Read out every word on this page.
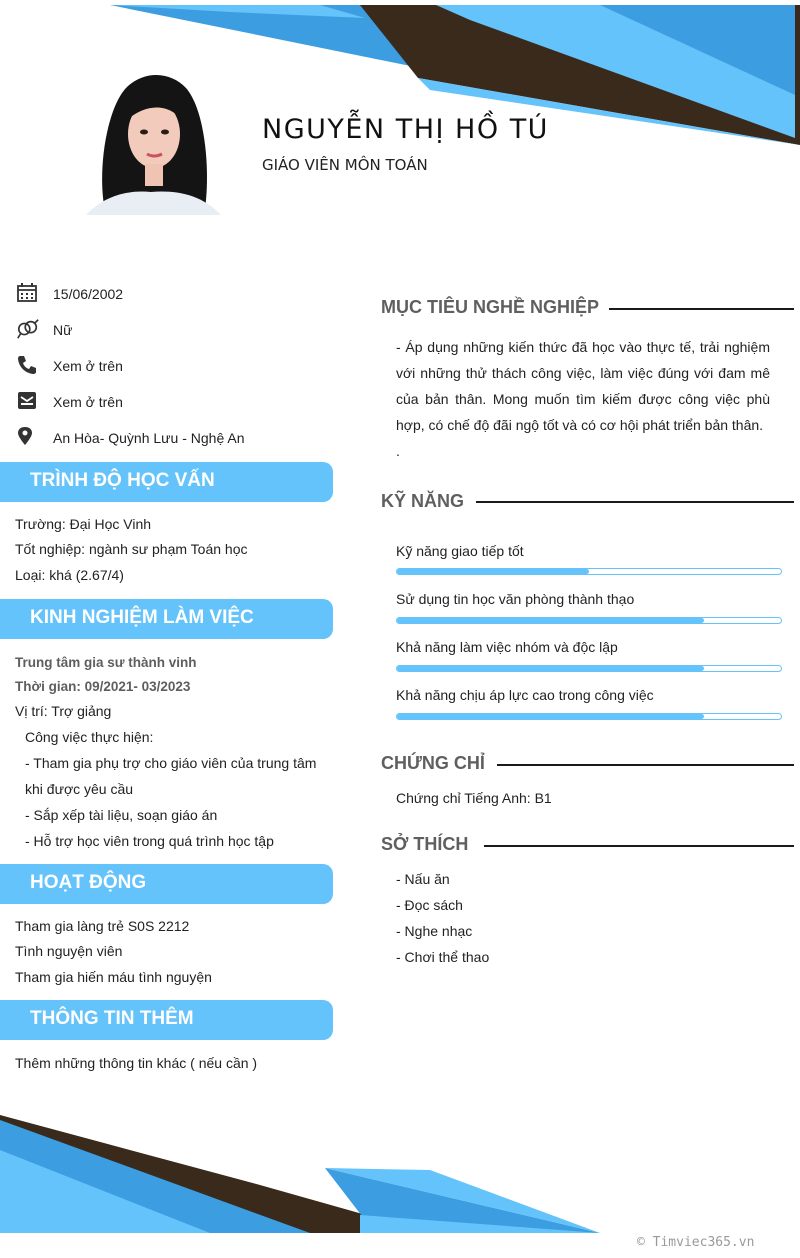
NGUYỄN THỊ HỒ TÚ
GIÁO VIÊN MÔN TOÁN
15/06/2002
Nữ
Xem ở trên
Xem ở trên
An Hòa- Quỳnh Lưu - Nghệ An
TRÌNH ĐỘ HỌC VẤN
Trường: Đại Học Vinh
Tốt nghiệp: ngành sư phạm Toán học
Loại: khá (2.67/4)
KINH NGHIỆM LÀM VIỆC
Trung tâm gia sư thành vinh
Thời gian: 09/2021- 03/2023
Vị trí: Trợ giảng
Công việc thực hiện:
- Tham gia phụ trợ cho giáo viên của trung tâm
khi được yêu cầu
- Sắp xếp tài liệu, soạn giáo án
- Hỗ trợ học viên trong quá trình học tập
HOẠT ĐỘNG
Tham gia làng trẻ S0S 2212
Tình nguyện viên
Tham gia hiến máu tình nguyện
THÔNG TIN THÊM
Thêm những thông tin khác ( nếu cần )
MỤC TIÊU NGHỀ NGHIỆP
- Áp dụng những kiến thức đã học vào thực tế, trải nghiệm với những thử thách công việc, làm việc đúng với đam mê của bản thân. Mong muốn tìm kiếm được công việc phù hợp, có chế độ đãi ngộ tốt và có cơ hội phát triển bản thân.
.
KỸ NĂNG
Kỹ năng giao tiếp tốt
Sử dụng tin học văn phòng thành thạo
Khả năng làm việc nhóm và độc lập
Khả năng chịu áp lực cao trong công việc
CHỨNG CHỈ
Chứng chỉ Tiếng Anh: B1
SỞ THÍCH
- Nấu ăn
- Đọc sách
- Nghe nhạc
- Chơi thể thao
© Timviec365.vn
